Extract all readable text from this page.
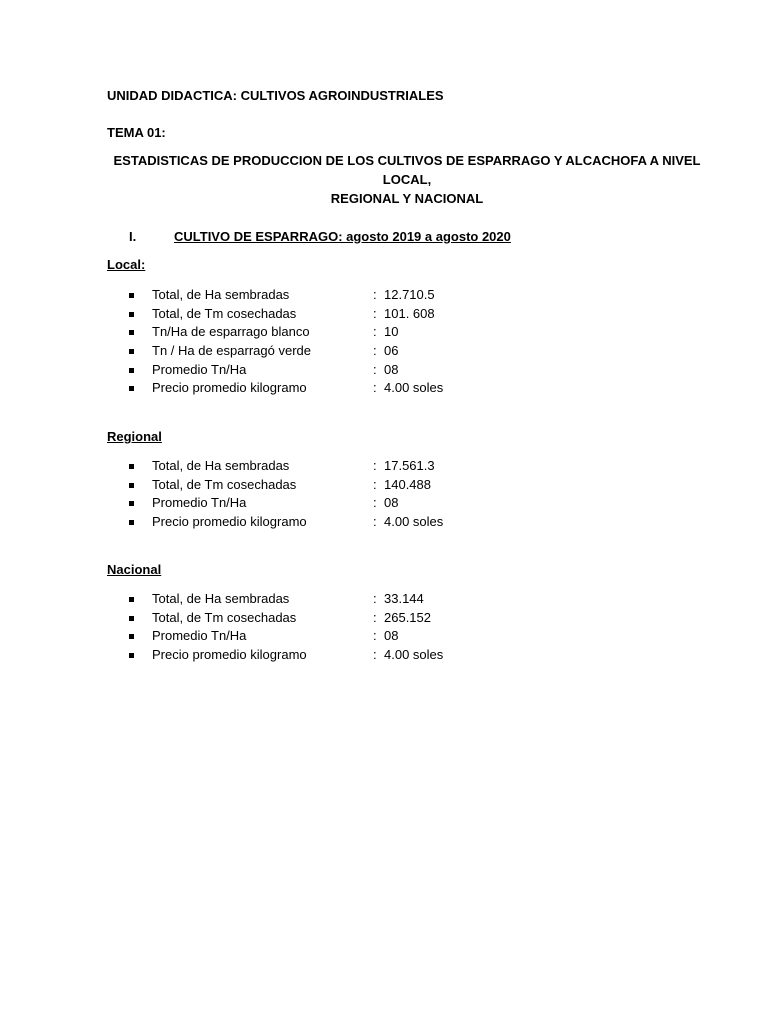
UNIDAD DIDACTICA: CULTIVOS AGROINDUSTRIALES
TEMA 01:
ESTADISTICAS DE PRODUCCION DE LOS CULTIVOS DE ESPARRAGO Y ALCACHOFA A NIVEL LOCAL,
REGIONAL Y NACIONAL
I.	CULTIVO DE ESPARRAGO: agosto 2019 a agosto 2020
Local:
Total, de Ha sembradas	: 12.710.5
Total, de Tm cosechadas	: 101. 608
Tn/Ha de esparrago blanco	: 10
Tn / Ha de esparragó verde	: 06
Promedio Tn/Ha	: 08
Precio promedio kilogramo	: 4.00 soles
Regional
Total, de Ha sembradas	: 17.561.3
Total, de Tm cosechadas	: 140.488
Promedio Tn/Ha	: 08
Precio promedio kilogramo	: 4.00 soles
Nacional
Total, de Ha sembradas	: 33.144
Total, de Tm cosechadas	: 265.152
Promedio Tn/Ha	: 08
Precio promedio kilogramo	: 4.00 soles
